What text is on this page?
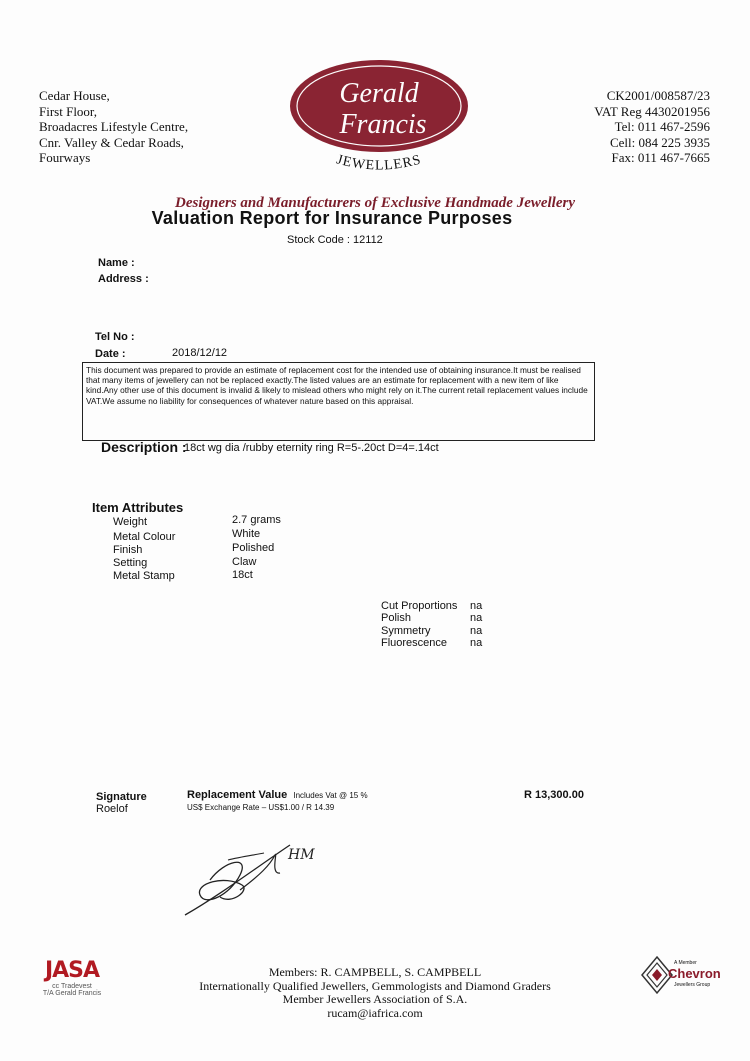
Cedar House,
First Floor,
Broadacres Lifestyle Centre,
Cnr. Valley & Cedar Roads,
Fourways
Gerald
Francis
JEWELLERS
CK2001/008587/23
VAT Reg 4430201956
Tel: 011 467-2596
Cell: 084 225 3935
Fax: 011 467-7665
Designers and Manufacturers of Exclusive Handmade Jewellery
Valuation Report for Insurance Purposes
Stock Code : 12112
Name :
Address :
Tel No :
Date :	2018/12/12
This document was prepared to provide an estimate of replacement cost for the intended use of obtaining insurance.It must be realised that many items of jewellery can not be replaced exactly.The listed values are an estimate for replacement with a new item of like kind.Any other use of this document is invalid & likely to mislead others who might rely on it.The current retail replacement values include VAT.We assume no liability for consequences of whatever nature based on this appraisal.
Description :
18ct wg dia /rubby eternity ring R=5-.20ct D=4=.14ct
Item Attributes
Weight	2.7 grams
Metal Colour	White
Finish	Polished
Setting	Claw
Metal Stamp	18ct
Cut Proportions na
Polish	na
Symmetry	na
Fluorescence na
Signature
Roelof
Replacement Value Includes Vat @ 15 %
US$ Exchange Rate – US$1.00 / R 14.39
R 13,300.00
HM
JASA
cc Tradevest
T/A Gerald Francis
Members: R. CAMPBELL, S. CAMPBELL
Internationally Qualified Jewellers, Gemmologists and Diamond Graders
Member Jewellers Association of S.A.
rucam@iafrica.com
A Member
Chevron
Jewellers Group
